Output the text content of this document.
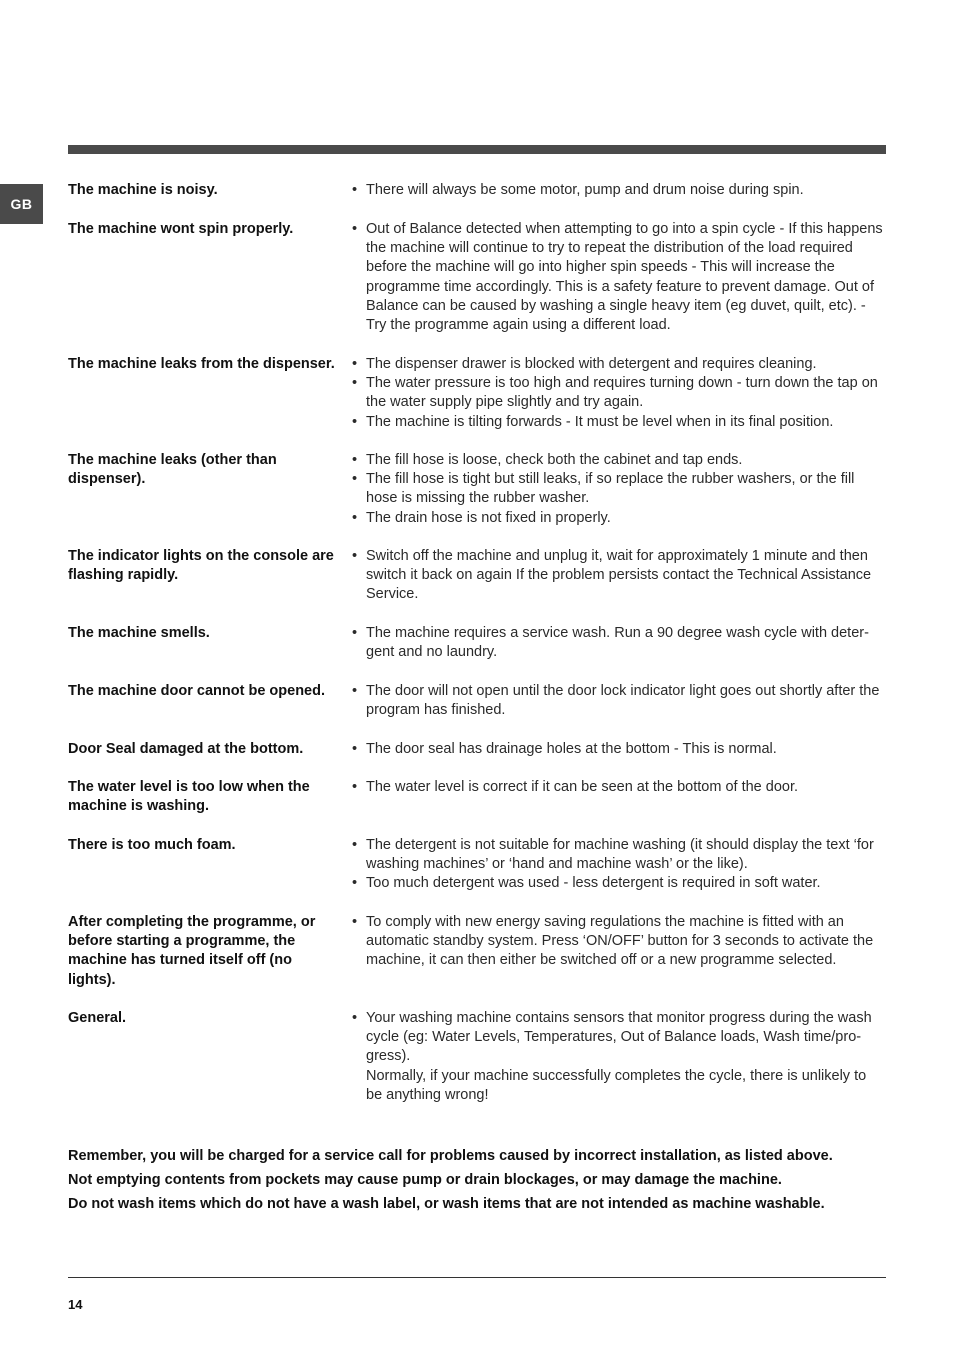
GB
The machine is noisy.	• There will always be some motor, pump and drum noise during spin.
The machine wont spin properly.	• Out of Balance detected when attempting to go into a spin cycle - If this happens the machine will continue to try to repeat the distribution of the load required before the machine will go into higher spin speeds - This will increase the programme time accordingly. This is a safety feature to prevent damage. Out of Balance can be caused by washing a single heavy item (eg duvet, quilt, etc). - Try the programme again using a different load.
The machine leaks from the dispenser.	• The dispenser drawer is blocked with detergent and requires cleaning.
• The water pressure is too high and requires turning down - turn down the tap on the water supply pipe slightly and try again.
• The machine is tilting forwards - It must be level when in its final position.
The machine leaks (other than dispenser).
• The fill hose is loose, check both the cabinet and tap ends.
• The fill hose is tight but still leaks, if so replace the rubber washers, or the fill hose is missing the rubber washer.
• The drain hose is not fixed in properly.
The indicator lights on the console are flashing rapidly.
• Switch off the machine and unplug it, wait for approximately 1 minute and then switch it back on again If the problem persists contact the Technical Assistance Service.
The machine smells.	• The machine requires a service wash. Run a 90 degree wash cycle with deter-gent and no laundry.
The machine door cannot be opened.	• The door will not open until the door lock indicator light goes out shortly after the program has finished.
Door Seal damaged at the bottom.	• The door seal has drainage holes at the bottom - This is normal.
The water level is too low when the machine is washing.
• The water level is correct if it can be seen at the bottom of the door.
There is too much foam.	• The detergent is not suitable for machine washing (it should display the text ‘for washing machines’ or ‘hand and machine wash’ or the like).
• Too much detergent was used - less detergent is required in soft water.
After completing the programme, or before starting a programme, the machine has turned itself off (no lights).
• To comply with new energy saving regulations the machine is fitted with an automatic standby system. Press ‘ON/OFF’ button for 3 seconds to activate the machine, it can then either be switched off or a new programme selected.
General.	• Your washing machine contains sensors that monitor progress during the wash cycle (eg: Water Levels, Temperatures, Out of Balance loads, Wash time/pro-gress).
Normally, if your machine successfully completes the cycle, there is unlikely to be anything wrong!

Remember, you will be charged for a service call for problems caused by incorrect installation, as listed above.

Not emptying contents from pockets may cause pump or drain blockages, or may damage the machine.

Do not wash items which do not have a wash label, or wash items that are not intended as machine washable.

14
